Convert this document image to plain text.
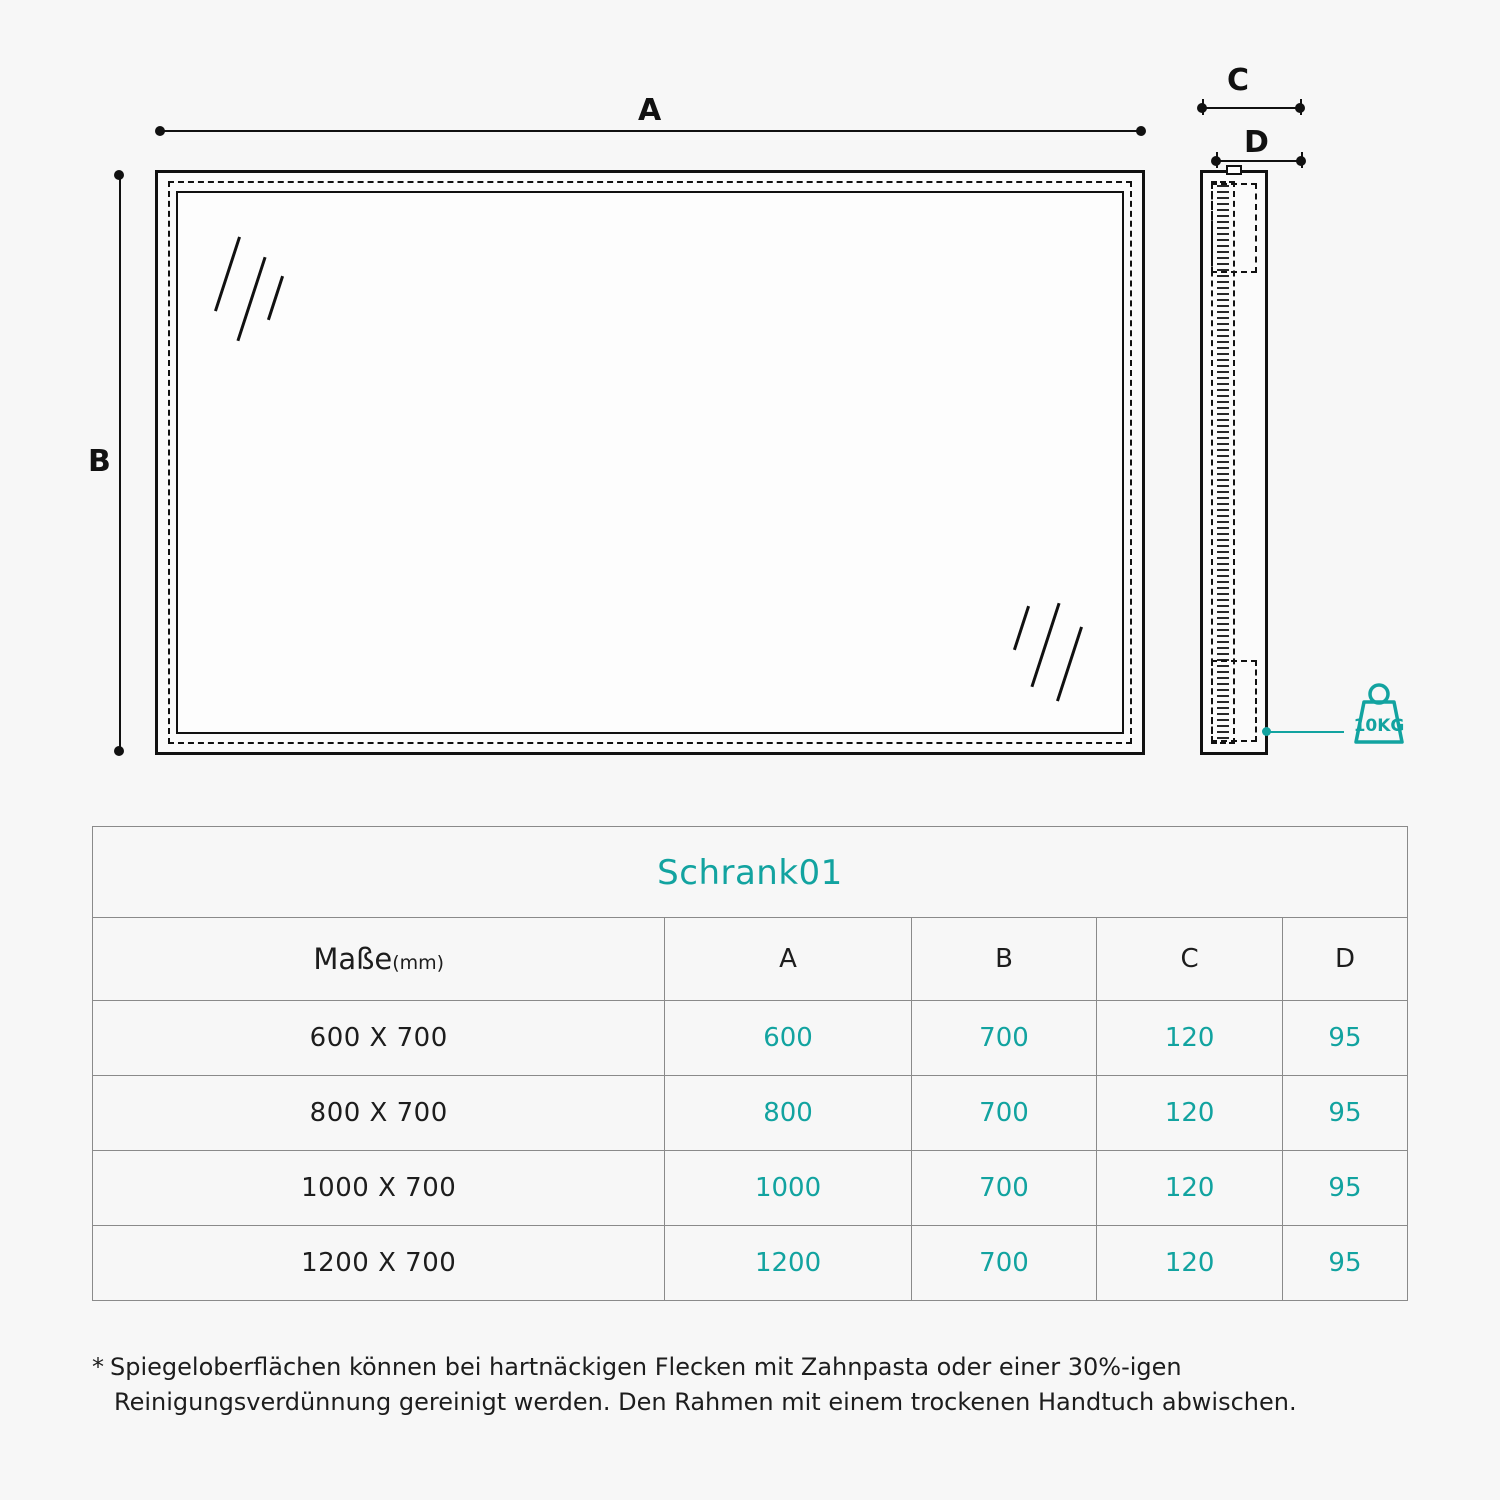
A
B
C
D
10KG
Schrank01				
Maße(mm)	A	B	C	D
600 X 700	600	700	120	95
800 X 700	800	700	120	95
1000 X 700	1000	700	120	95
1200 X 700	1200	700	120	95
* Spiegeloberflächen können bei hartnäckigen Flecken mit Zahnpasta oder einer 30%-igen
Reinigungsverdünnung gereinigt werden. Den Rahmen mit einem trockenen Handtuch abwischen.
